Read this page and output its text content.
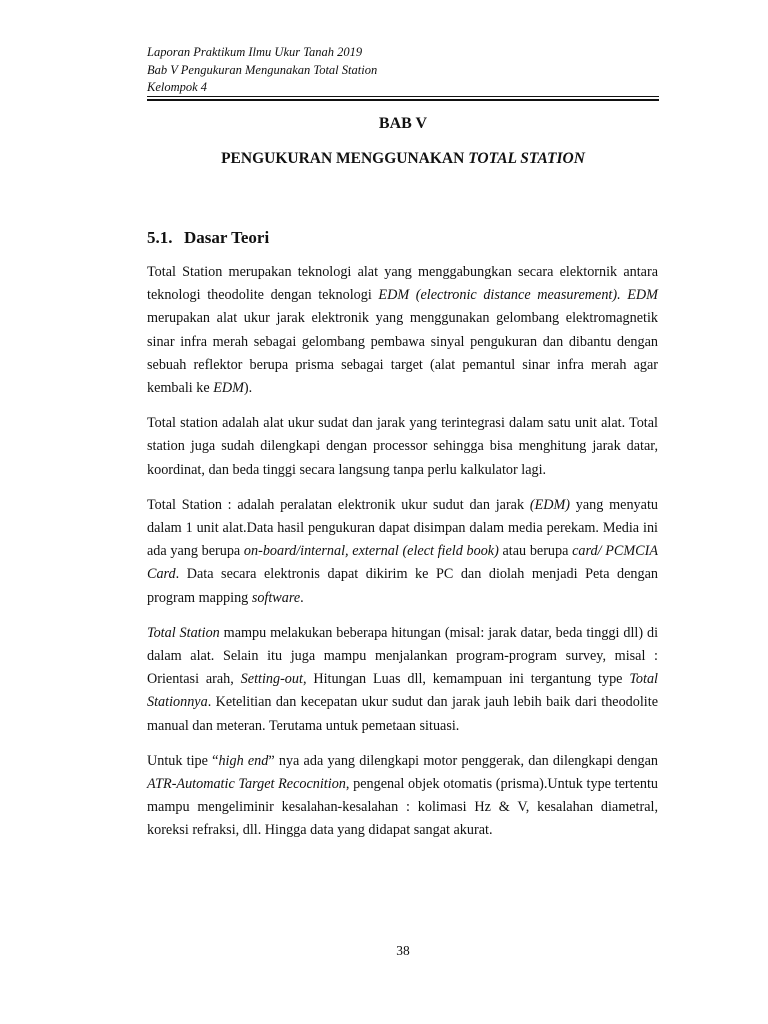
Laporan Praktikum Ilmu Ukur Tanah 2019
Bab V Pengukuran Mengunakan Total Station
Kelompok 4
BAB V
PENGUKURAN MENGGUNAKAN TOTAL STATION
5.1. Dasar Teori

Total Station merupakan teknologi alat yang menggabungkan secara elektornik antara teknologi theodolite dengan teknologi EDM (electronic distance measurement). EDM merupakan alat ukur jarak elektronik yang menggunakan gelombang elektromagnetik sinar infra merah sebagai gelombang pembawa sinyal pengukuran dan dibantu dengan sebuah reflektor berupa prisma sebagai target (alat pemantul sinar infra merah agar kembali ke EDM).

Total station adalah alat ukur sudat dan jarak yang terintegrasi dalam satu unit alat. Total station juga sudah dilengkapi dengan processor sehingga bisa menghitung jarak datar, koordinat, dan beda tinggi secara langsung tanpa perlu kalkulator lagi.

Total Station : adalah peralatan elektronik ukur sudut dan jarak (EDM) yang menyatu dalam 1 unit alat.Data hasil pengukuran dapat disimpan dalam media perekam. Media ini ada yang berupa on-board/internal, external (elect field book) atau berupa card/ PCMCIA Card. Data secara elektronis dapat dikirim ke PC dan diolah menjadi Peta dengan program mapping software.

Total Station mampu melakukan beberapa hitungan (misal: jarak datar, beda tinggi dll) di dalam alat. Selain itu juga mampu menjalankan program-program survey, misal : Orientasi arah, Setting-out, Hitungan Luas dll, kemampuan ini tergantung type Total Stationnya. Ketelitian dan kecepatan ukur sudut dan jarak jauh lebih baik dari theodolite manual dan meteran. Terutama untuk pemetaan situasi.

Untuk tipe “high end” nya ada yang dilengkapi motor penggerak, dan dilengkapi dengan ATR-Automatic Target Recocnition, pengenal objek otomatis (prisma).Untuk type tertentu mampu mengeliminir kesalahan-kesalahan : kolimasi Hz & V, kesalahan diametral, koreksi refraksi, dll. Hingga data yang didapat sangat akurat.

38
